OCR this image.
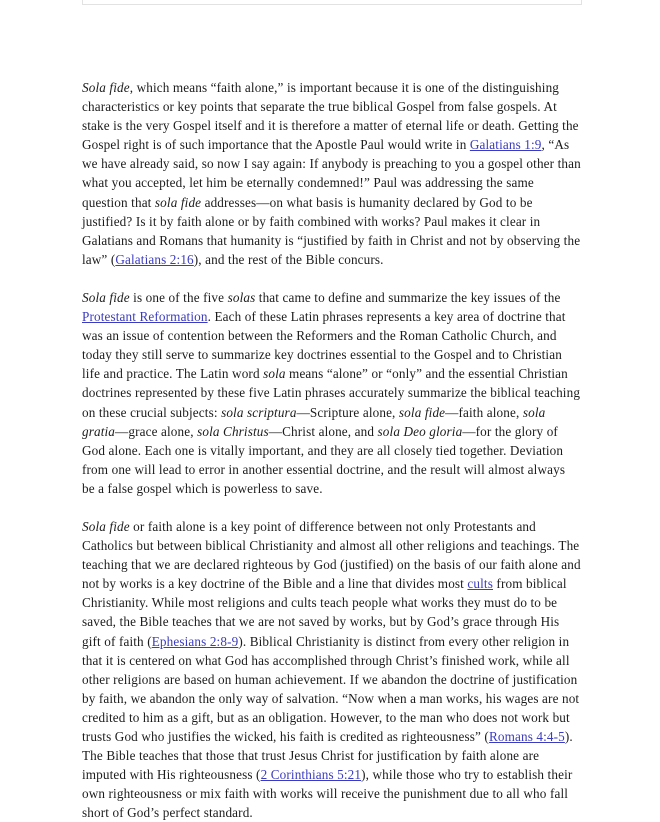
Sola fide, which means “faith alone,” is important because it is one of the distinguishing characteristics or key points that separate the true biblical Gospel from false gospels. At stake is the very Gospel itself and it is therefore a matter of eternal life or death. Getting the Gospel right is of such importance that the Apostle Paul would write in Galatians 1:9, “As we have already said, so now I say again: If anybody is preaching to you a gospel other than what you accepted, let him be eternally condemned!” Paul was addressing the same question that sola fide addresses—on what basis is humanity declared by God to be justified? Is it by faith alone or by faith combined with works? Paul makes it clear in Galatians and Romans that humanity is “justified by faith in Christ and not by observing the law” (Galatians 2:16), and the rest of the Bible concurs.

Sola fide is one of the five solas that came to define and summarize the key issues of the Protestant Reformation. Each of these Latin phrases represents a key area of doctrine that was an issue of contention between the Reformers and the Roman Catholic Church, and today they still serve to summarize key doctrines essential to the Gospel and to Christian life and practice. The Latin word sola means “alone” or “only” and the essential Christian doctrines represented by these five Latin phrases accurately summarize the biblical teaching on these crucial subjects: sola scriptura—Scripture alone, sola fide—faith alone, sola gratia—grace alone, sola Christus—Christ alone, and sola Deo gloria—for the glory of God alone. Each one is vitally important, and they are all closely tied together. Deviation from one will lead to error in another essential doctrine, and the result will almost always be a false gospel which is powerless to save.

Sola fide or faith alone is a key point of difference between not only Protestants and Catholics but between biblical Christianity and almost all other religions and teachings. The teaching that we are declared righteous by God (justified) on the basis of our faith alone and not by works is a key doctrine of the Bible and a line that divides most cults from biblical Christianity. While most religions and cults teach people what works they must do to be saved, the Bible teaches that we are not saved by works, but by God’s grace through His gift of faith (Ephesians 2:8-9). Biblical Christianity is distinct from every other religion in that it is centered on what God has accomplished through Christ’s finished work, while all other religions are based on human achievement. If we abandon the doctrine of justification by faith, we abandon the only way of salvation. “Now when a man works, his wages are not credited to him as a gift, but as an obligation. However, to the man who does not work but trusts God who justifies the wicked, his faith is credited as righteousness” (Romans 4:4-5). The Bible teaches that those that trust Jesus Christ for justification by faith alone are imputed with His righteousness (2 Corinthians 5:21), while those who try to establish their own righteousness or mix faith with works will receive the punishment due to all who fall short of God’s perfect standard.
